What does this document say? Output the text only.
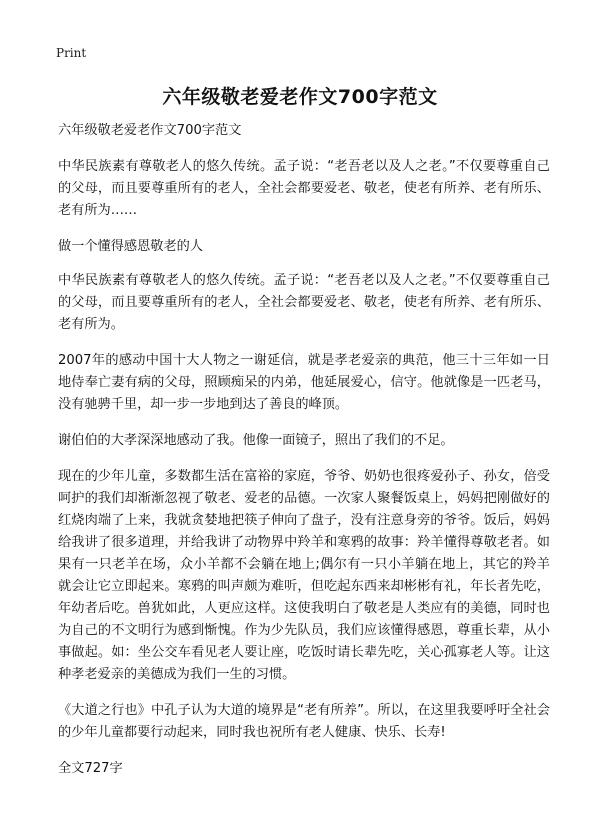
Print
六年级敬老爱老作文700字范文

六年级敬老爱老作文700字范文

中华民族素有尊敬老人的悠久传统。孟子说：“老吾老以及人之老。”不仅要尊重自己的父母，而且要尊重所有的老人，全社会都要爱老、敬老，使老有所养、老有所乐、老有所为……

做一个懂得感恩敬老的人

中华民族素有尊敬老人的悠久传统。孟子说：“老吾老以及人之老。”不仅要尊重自己的父母，而且要尊重所有的老人，全社会都要爱老、敬老，使老有所养、老有所乐、老有所为。

2007年的感动中国十大人物之一谢延信，就是孝老爱亲的典范，他三十三年如一日地侍奉亡妻有病的父母，照顾痴呆的内弟，他延展爱心，信守。他就像是一匹老马，没有驰骋千里，却一步一步地到达了善良的峰顶。

谢伯伯的大孝深深地感动了我。他像一面镜子，照出了我们的不足。

现在的少年儿童，多数都生活在富裕的家庭，爷爷、奶奶也很疼爱孙子、孙女，倍受呵护的我们却渐渐忽视了敬老、爱老的品德。一次家人聚餐饭桌上，妈妈把刚做好的红烧肉端了上来，我就贪婪地把筷子伸向了盘子，没有注意身旁的爷爷。饭后，妈妈给我讲了很多道理，并给我讲了动物界中羚羊和寒鸦的故事：羚羊懂得尊敬老者。如果有一只老羊在场，众小羊都不会躺在地上;偶尔有一只小羊躺在地上，其它的羚羊就会让它立即起来。寒鸦的叫声颇为难听，但吃起东西来却彬彬有礼，年长者先吃，年幼者后吃。兽犹如此，人更应这样。这使我明白了敬老是人类应有的美德，同时也为自己的不文明行为感到惭愧。作为少先队员，我们应该懂得感恩，尊重长辈，从小事做起。如：坐公交车看见老人要让座，吃饭时请长辈先吃，关心孤寡老人等。让这种孝老爱亲的美德成为我们一生的习惯。

《大道之行也》中孔子认为大道的境界是“老有所养”。所以，在这里我要呼吁全社会的少年儿童都要行动起来，同时我也祝所有老人健康、快乐、长寿!

全文727字
